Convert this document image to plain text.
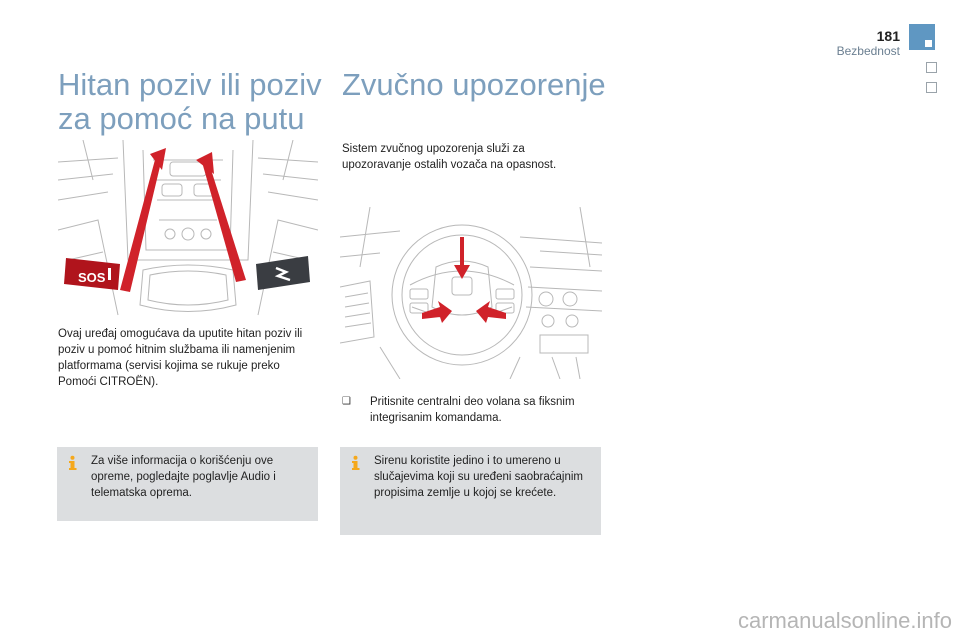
181
Bezbednost
Hitan poziv ili poziv za pomoć na putu
SOS
Ovaj uređaj omogućava da uputite hitan poziv ili poziv u pomoć hitnim službama ili namenjenim platformama (servisi kojima se rukuje preko Pomoći CITROËN).
Za više informacija o korišćenju ove opreme, pogledajte poglavlje Audio i telematska oprema.
Zvučno upozorenje
Sistem zvučnog upozorenja služi za upozoravanje ostalih vozača na opasnost.
❑ Pritisnite centralni deo volana sa fiksnim integrisanim komandama.
Sirenu koristite jedino i to umereno u slučajevima koji su uređeni saobraćajnim propisima zemlje u kojoj se krećete.
carmanualsonline.info
